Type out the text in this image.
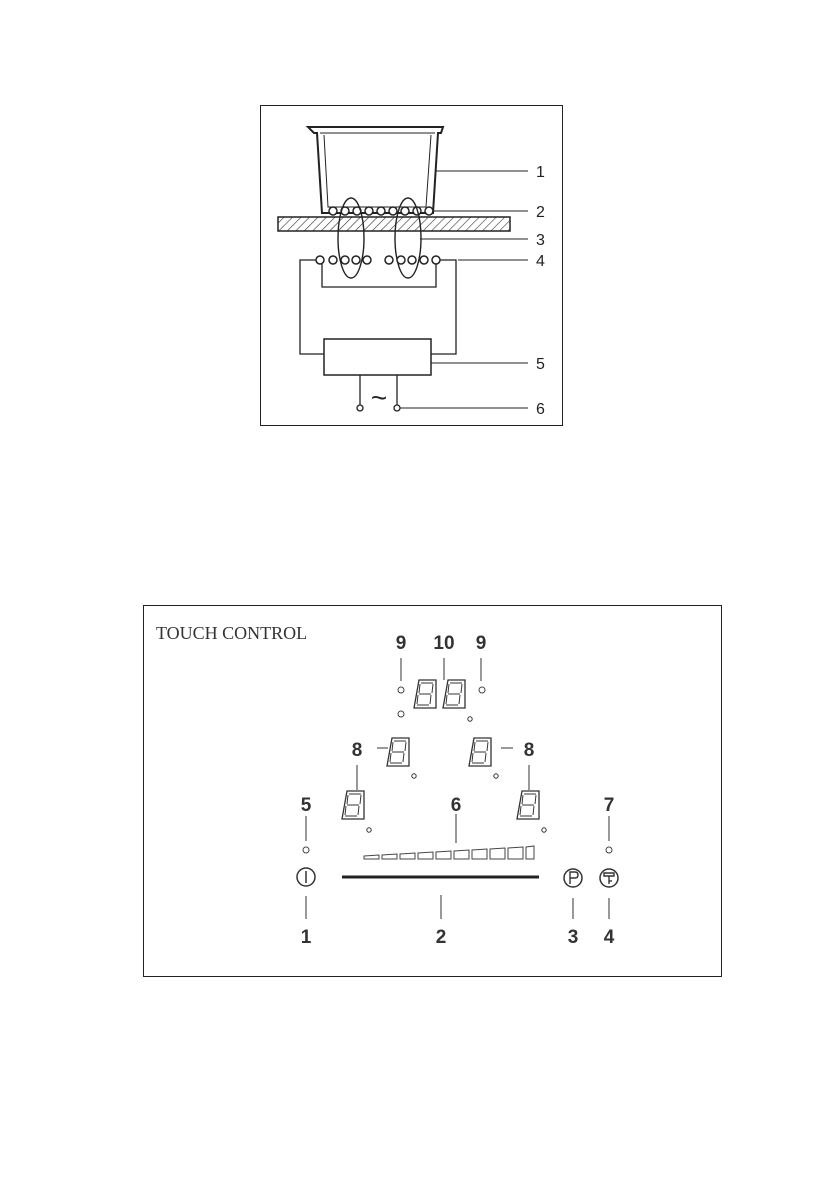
~
1
2
3
4
5
6
TOUCH CONTROL	9 10 9
8	8
5	6	7
1	2	3 4
